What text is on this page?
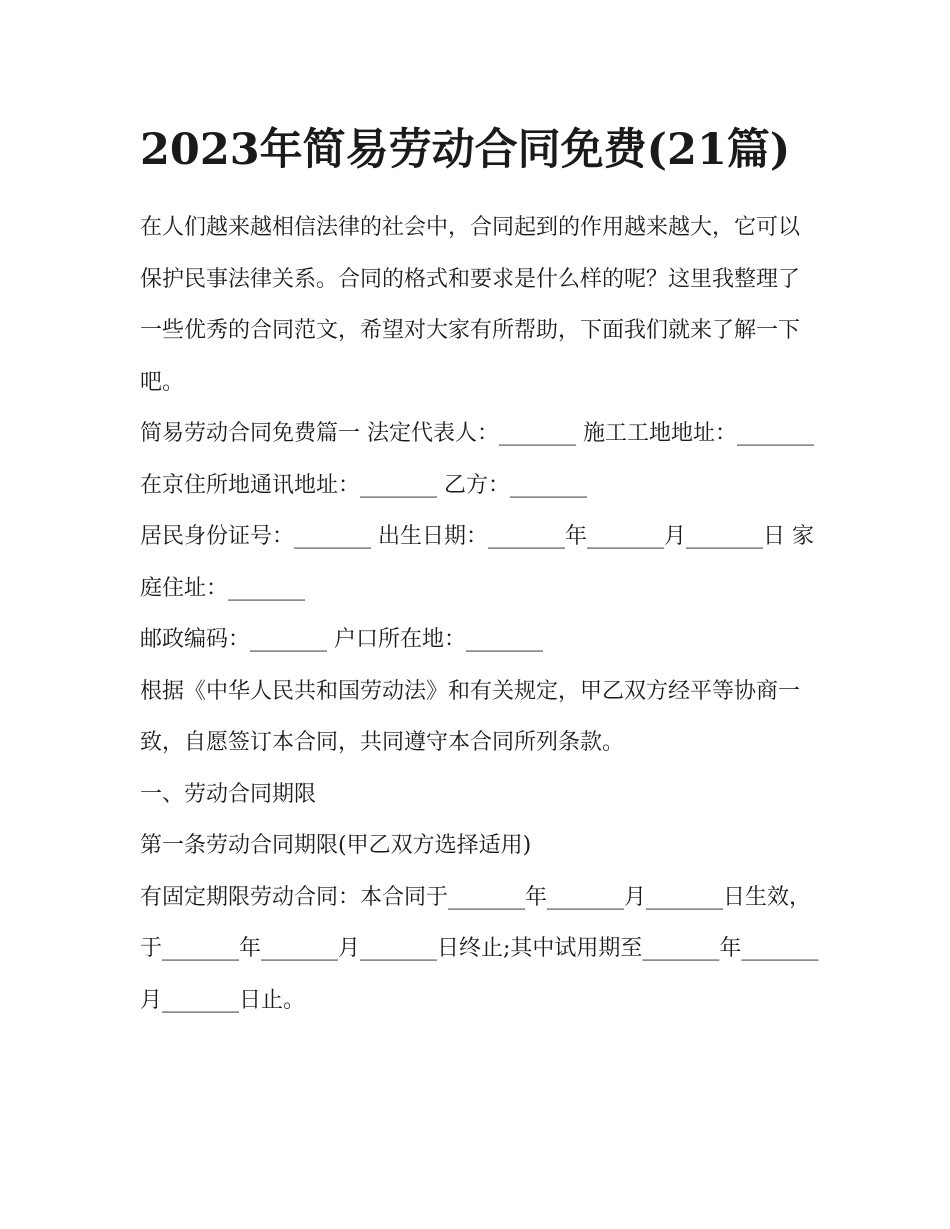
2023年简易劳动合同免费(21篇)

在人们越来越相信法律的社会中，合同起到的作用越来越大，它可以保护民事法律关系。合同的格式和要求是什么样的呢？这里我整理了一些优秀的合同范文，希望对大家有所帮助，下面我们就来了解一下吧。

简易劳动合同免费篇一 法定代表人：_______ 施工工地地址：_______ 在京住所地通讯地址：_______ 乙方：_______

居民身份证号：_______ 出生日期：_______年_______月_______日 家庭住址：_______

邮政编码：_______ 户口所在地：_______

根据《中华人民共和国劳动法》和有关规定，甲乙双方经平等协商一致，自愿签订本合同，共同遵守本合同所列条款。

一、劳动合同期限

第一条劳动合同期限(甲乙双方选择适用)

有固定期限劳动合同：本合同于_______年_______月_______日生效，于_______年_______月_______日终止;其中试用期至_______年_______月_______日止。
